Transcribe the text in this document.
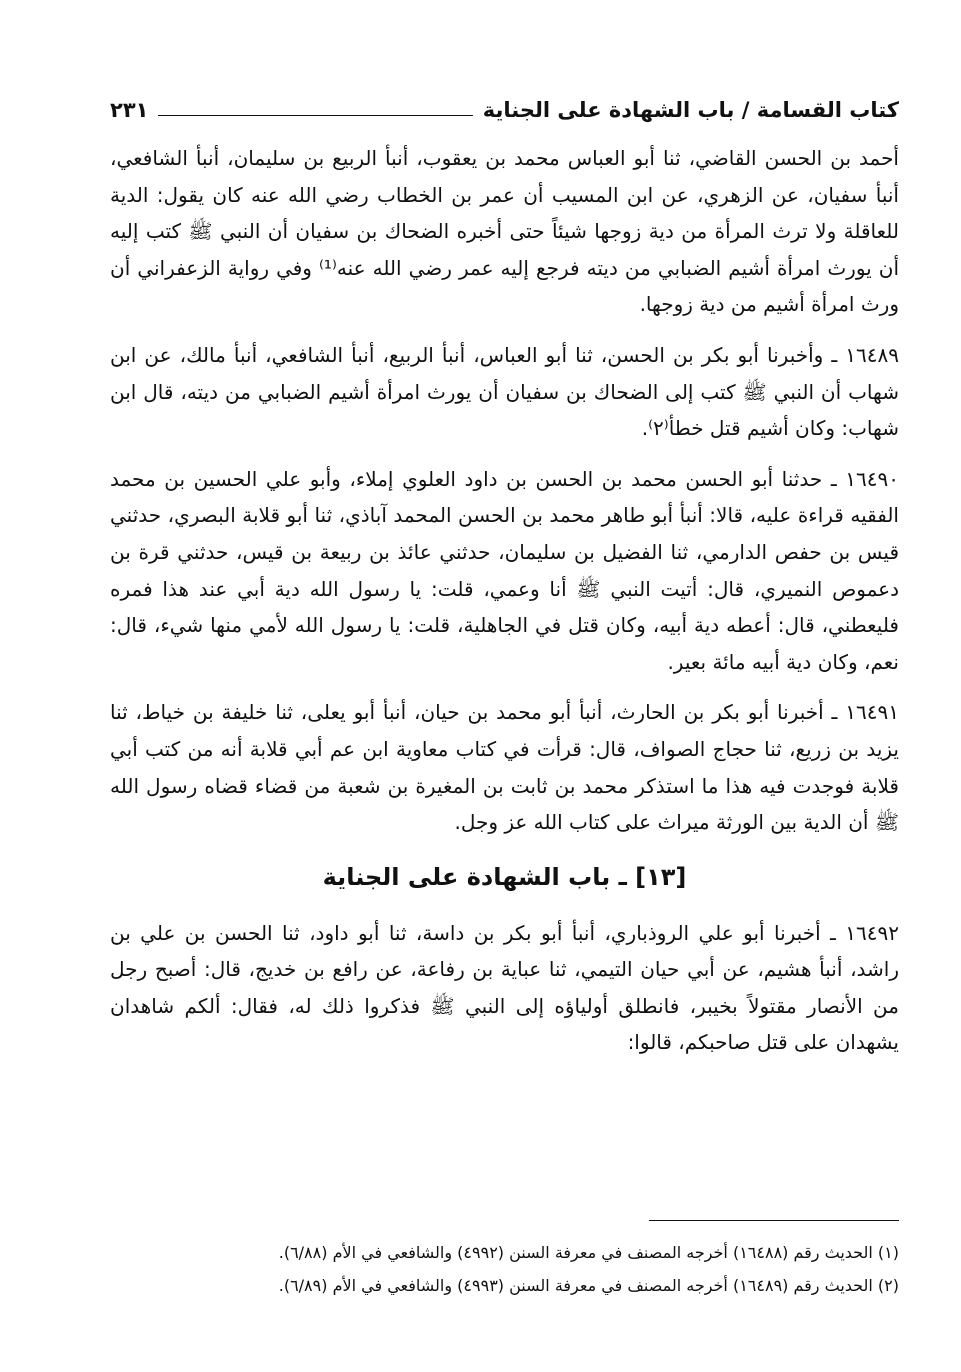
كتاب القسامة / باب الشهادة على الجناية
٢٣١

أحمد بن الحسن القاضي، ثنا أبو العباس محمد بن يعقوب، أنبأ الربيع بن سليمان، أنبأ الشافعي، أنبأ سفيان، عن الزهري، عن ابن المسيب أن عمر بن الخطاب رضي الله عنه كان يقول: الدية للعاقلة ولا ترث المرأة من دية زوجها شيئاً حتى أخبره الضحاك بن سفيان أن النبي ﷺ كتب إليه أن يورث امرأة أشيم الضبابي من ديته فرجع إليه عمر رضي الله عنه⁽¹⁾ وفي رواية الزعفراني أن ورث امرأة أشيم من دية زوجها.

١٦٤٨٩ ـ وأخبرنا أبو بكر بن الحسن، ثنا أبو العباس، أنبأ الربيع، أنبأ الشافعي، أنبأ مالك، عن ابن شهاب أن النبي ﷺ كتب إلى الضحاك بن سفيان أن يورث امرأة أشيم الضبابي من ديته، قال ابن شهاب: وكان أشيم قتل خطأ⁽٢⁾.

١٦٤٩٠ ـ حدثنا أبو الحسن محمد بن الحسن بن داود العلوي إملاء، وأبو علي الحسين بن محمد الفقيه قراءة عليه، قالا: أنبأ أبو طاهر محمد بن الحسن المحمد آباذي، ثنا أبو قلابة البصري، حدثني قيس بن حفص الدارمي، ثنا الفضيل بن سليمان، حدثني عائذ بن ربيعة بن قيس، حدثني قرة بن دعموص النميري، قال: أتيت النبي ﷺ أنا وعمي، قلت: يا رسول الله دية أبي عند هذا فمره فليعطني، قال: أعطه دية أبيه، وكان قتل في الجاهلية، قلت: يا رسول الله لأمي منها شيء، قال: نعم، وكان دية أبيه مائة بعير.

١٦٤٩١ ـ أخبرنا أبو بكر بن الحارث، أنبأ أبو محمد بن حيان، أنبأ أبو يعلى، ثنا خليفة بن خياط، ثنا يزيد بن زريع، ثنا حجاج الصواف، قال: قرأت في كتاب معاوية ابن عم أبي قلابة أنه من كتب أبي قلابة فوجدت فيه هذا ما استذكر محمد بن ثابت بن المغيرة بن شعبة من قضاء قضاه رسول الله ﷺ أن الدية بين الورثة ميراث على كتاب الله عز وجل.

[١٣] ـ باب الشهادة على الجناية

١٦٤٩٢ ـ أخبرنا أبو علي الروذباري، أنبأ أبو بكر بن داسة، ثنا أبو داود، ثنا الحسن بن علي بن راشد، أنبأ هشيم، عن أبي حيان التيمي، ثنا عباية بن رفاعة، عن رافع بن خديج، قال: أصبح رجل من الأنصار مقتولاً بخيبر، فانطلق أولياؤه إلى النبي ﷺ فذكروا ذلك له، فقال: ألكم شاهدان يشهدان على قتل صاحبكم، قالوا:

(١) الحديث رقم (١٦٤٨٨) أخرجه المصنف في معرفة السنن (٤٩٩٢) والشافعي في الأم (٦/٨٨).

(٢) الحديث رقم (١٦٤٨٩) أخرجه المصنف في معرفة السنن (٤٩٩٣) والشافعي في الأم (٦/٨٩).
